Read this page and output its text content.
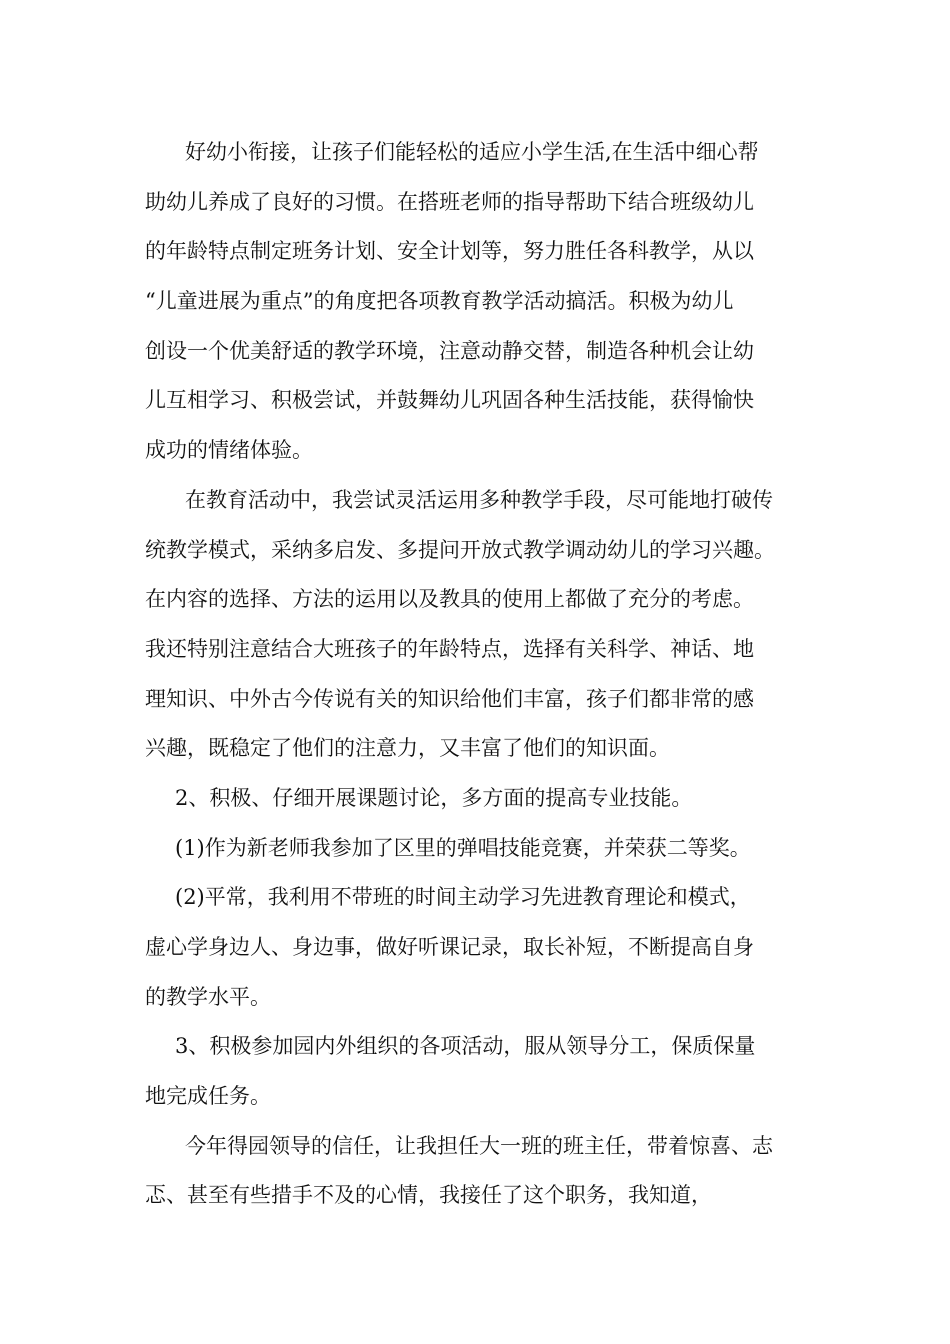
好幼小衔接，让孩子们能轻松的适应小学生活,在生活中细心帮
助幼儿养成了良好的习惯。在搭班老师的指导帮助下结合班级幼儿
的年龄特点制定班务计划、安全计划等，努力胜任各科教学，从以
“儿童进展为重点”的角度把各项教育教学活动搞活。积极为幼儿
创设一个优美舒适的教学环境，注意动静交替，制造各种机会让幼
儿互相学习、积极尝试，并鼓舞幼儿巩固各种生活技能，获得愉快
成功的情绪体验。
在教育活动中，我尝试灵活运用多种教学手段，尽可能地打破传
统教学模式，采纳多启发、多提问开放式教学调动幼儿的学习兴趣。
在内容的选择、方法的运用以及教具的使用上都做了充分的考虑。
我还特别注意结合大班孩子的年龄特点，选择有关科学、神话、地
理知识、中外古今传说有关的知识给他们丰富，孩子们都非常的感
兴趣，既稳定了他们的注意力，又丰富了他们的知识面。
2、积极、仔细开展课题讨论，多方面的提高专业技能。
(1)作为新老师我参加了区里的弹唱技能竞赛，并荣获二等奖。
(2)平常，我利用不带班的时间主动学习先进教育理论和模式，
虚心学身边人、身边事，做好听课记录，取长补短，不断提高自身
的教学水平。
3、积极参加园内外组织的各项活动，服从领导分工，保质保量
地完成任务。
今年得园领导的信任，让我担任大一班的班主任，带着惊喜、志
忑、甚至有些措手不及的心情，我接任了这个职务，我知道，
